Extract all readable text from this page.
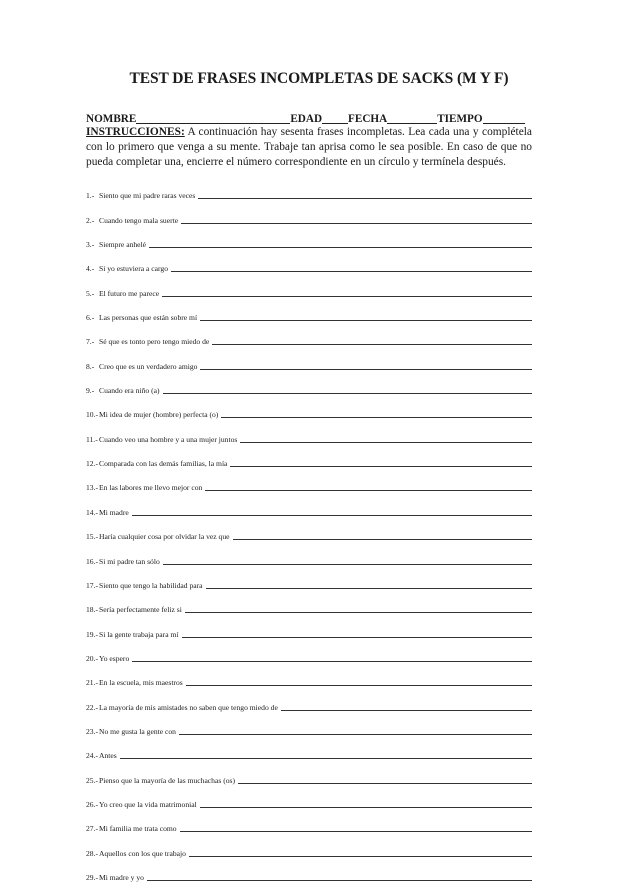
TEST DE FRASES INCOMPLETAS DE SACKS (M Y F)
NOMBRE	EDAD FECHA	TIEMPO
INSTRUCCIONES: A continuación hay sesenta frases incompletas. Lea cada una y complétela con lo primero que venga a su mente. Trabaje tan aprisa como le sea posible. En caso de que no pueda completar una, encierre el número correspondiente en un círculo y termínela después.
1.- Siento que mi padre raras veces
2.- Cuando tengo mala suerte
3.- Siempre anhelé
4.- Si yo estuviera a cargo
5.- El futuro me parece
6.- Las personas que están sobre mí
7.- Sé que es tonto pero tengo miedo de
8.- Creo que es un verdadero amigo
9.- Cuando era niño (a)
10.- Mi idea de mujer (hombre) perfecta (o)
11.- Cuando veo una hombre y a una mujer juntos
12.- Comparada con las demás familias, la mía
13.- En las labores me llevo mejor con
14.- Mi madre
15.- Haría cualquier cosa por olvidar la vez que
16.- Si mi padre tan sólo
17.- Siento que tengo la habilidad para
18.- Sería perfectamente feliz si
19.- Si la gente trabaja para mí
20.- Yo espero
21.- En la escuela, mis maestros
22.- La mayoría de mis amistades no saben que tengo miedo de
23.- No me gusta la gente con
24.- Antes
25.- Pienso que la mayoría de las muchachas (os)
26.- Yo creo que la vida matrimonial
27.- Mi familia me trata como
28.- Aquellos con los que trabajo
29.- Mi madre y yo
